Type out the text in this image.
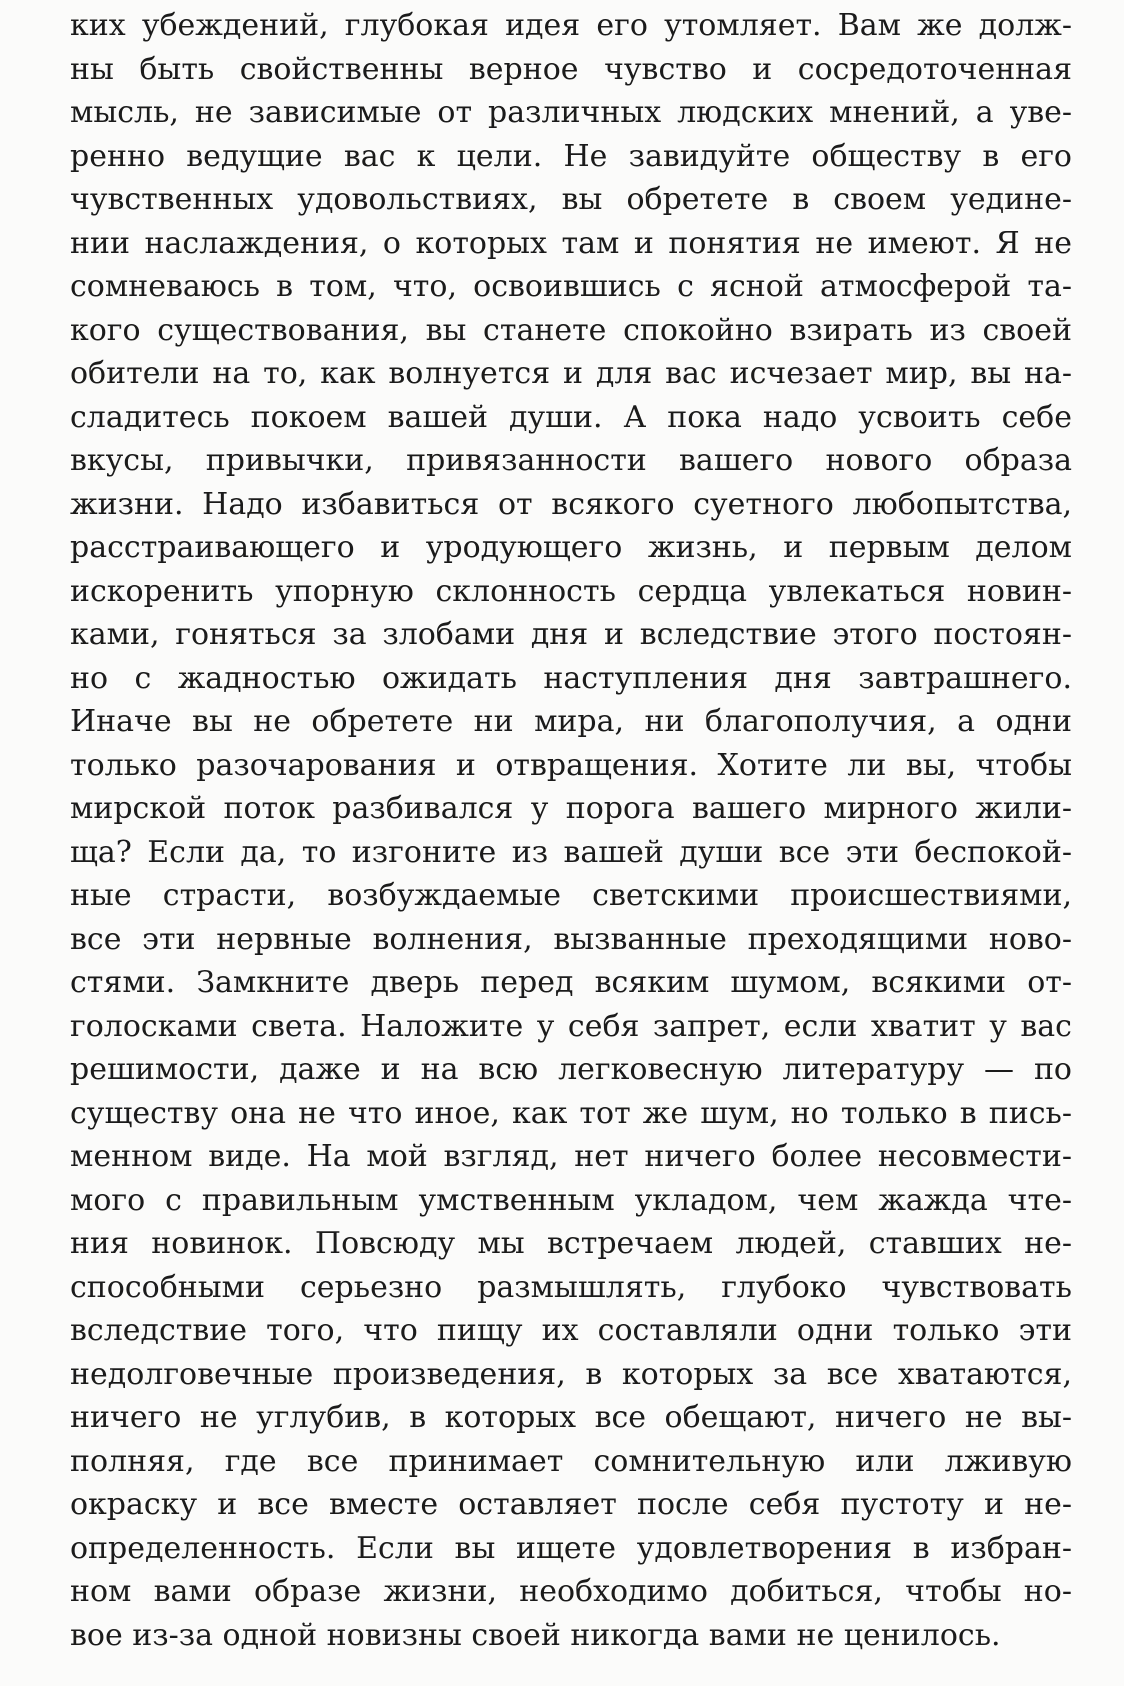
ких убеждений, глубокая идея его утомляет. Вам же долж-
ны быть свойственны верное чувство и сосредоточенная
мысль, не зависимые от различных людских мнений, а уве-
ренно ведущие вас к цели. Не завидуйте обществу в его
чувственных удовольствиях, вы обретете в своем уедине-
нии наслаждения, о которых там и понятия не имеют. Я не
сомневаюсь в том, что, освоившись с ясной атмосферой та-
кого существования, вы станете спокойно взирать из своей
обители на то, как волнуется и для вас исчезает мир, вы на-
сладитесь покоем вашей души. А пока надо усвоить себе
вкусы, привычки, привязанности вашего нового образа
жизни. Надо избавиться от всякого суетного любопытства,
расстраивающего и уродующего жизнь, и первым делом
искоренить упорную склонность сердца увлекаться новин-
ками, гоняться за злобами дня и вследствие этого постоян-
но с жадностью ожидать наступления дня завтрашнего.
Иначе вы не обретете ни мира, ни благополучия, а одни
только разочарования и отвращения. Хотите ли вы, чтобы
мирской поток разбивался у порога вашего мирного жили-
ща? Если да, то изгоните из вашей души все эти беспокой-
ные страсти, возбуждаемые светскими происшествиями,
все эти нервные волнения, вызванные преходящими ново-
стями. Замкните дверь перед всяким шумом, всякими от-
голосками света. Наложите у себя запрет, если хватит у вас
решимости, даже и на всю легковесную литературу — по
существу она не что иное, как тот же шум, но только в пись-
менном виде. На мой взгляд, нет ничего более несовмести-
мого с правильным умственным укладом, чем жажда чте-
ния новинок. Повсюду мы встречаем людей, ставших не-
способными серьезно размышлять, глубоко чувствовать
вследствие того, что пищу их составляли одни только эти
недолговечные произведения, в которых за все хватаются,
ничего не углубив, в которых все обещают, ничего не вы-
полняя, где все принимает сомнительную или лживую
окраску и все вместе оставляет после себя пустоту и не-
определенность. Если вы ищете удовлетворения в избран-
ном вами образе жизни, необходимо добиться, чтобы но-
вое из-за одной новизны своей никогда вами не ценилось.
